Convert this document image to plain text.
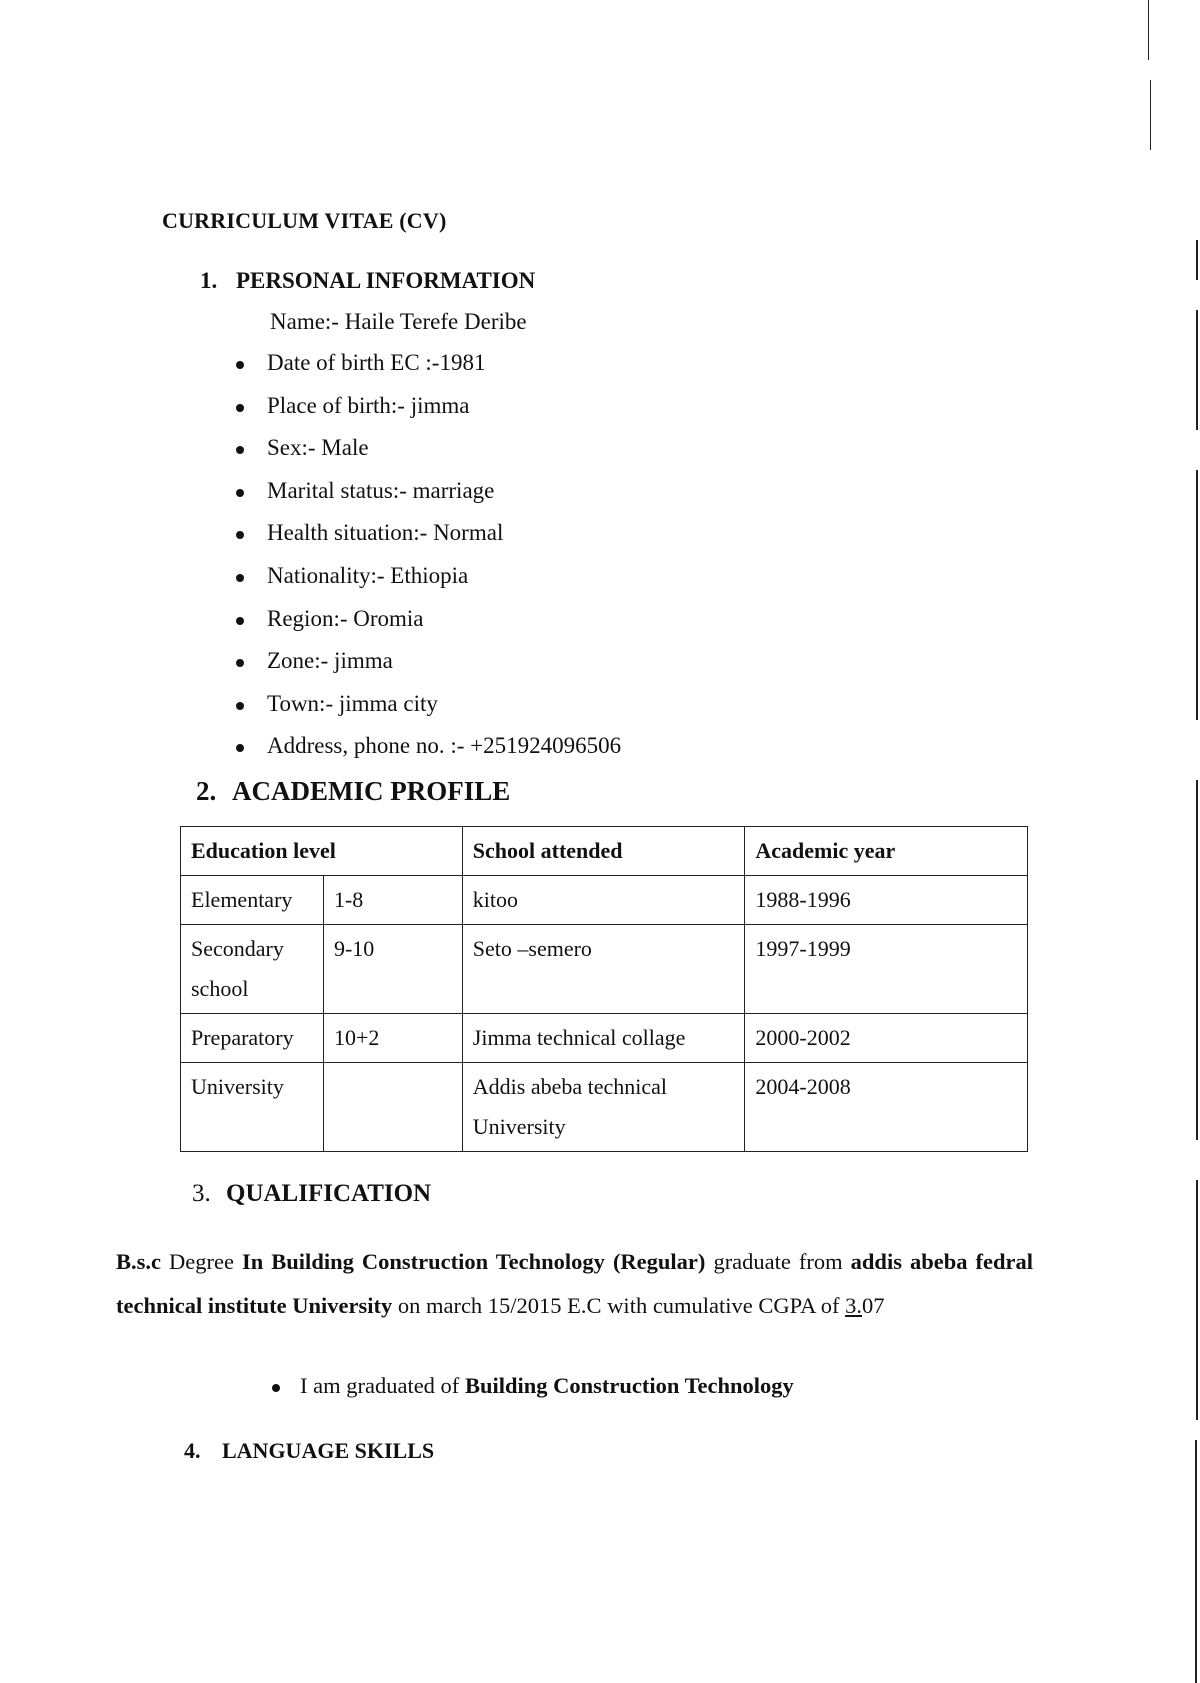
CURRICULUM VITAE (CV)
1. PERSONAL INFORMATION
Name:- Haile Terefe Deribe
Date of birth EC :-1981
Place of birth:- jimma
Sex:- Male
Marital status:- marriage
Health situation:- Normal
Nationality:- Ethiopia
Region:- Oromia
Zone:- jimma
Town:- jimma city
Address, phone no. :- +251924096506
2. ACADEMIC PROFILE
Education level		School attended	Academic year
Elementary	1-8	kitoo	1988-1996
Secondary school	9-10	Seto –semero	1997-1999
Preparatory	10+2	Jimma technical collage	2000-2002
University		Addis abeba technical University	2004-2008
3. QUALIFICATION
B.s.c Degree In Building Construction Technology (Regular) graduate from addis abeba fedral technical institute University on march 15/2015 E.C with cumulative CGPA of 3.07
I am graduated of Building Construction Technology
4. LANGUAGE SKILLS
